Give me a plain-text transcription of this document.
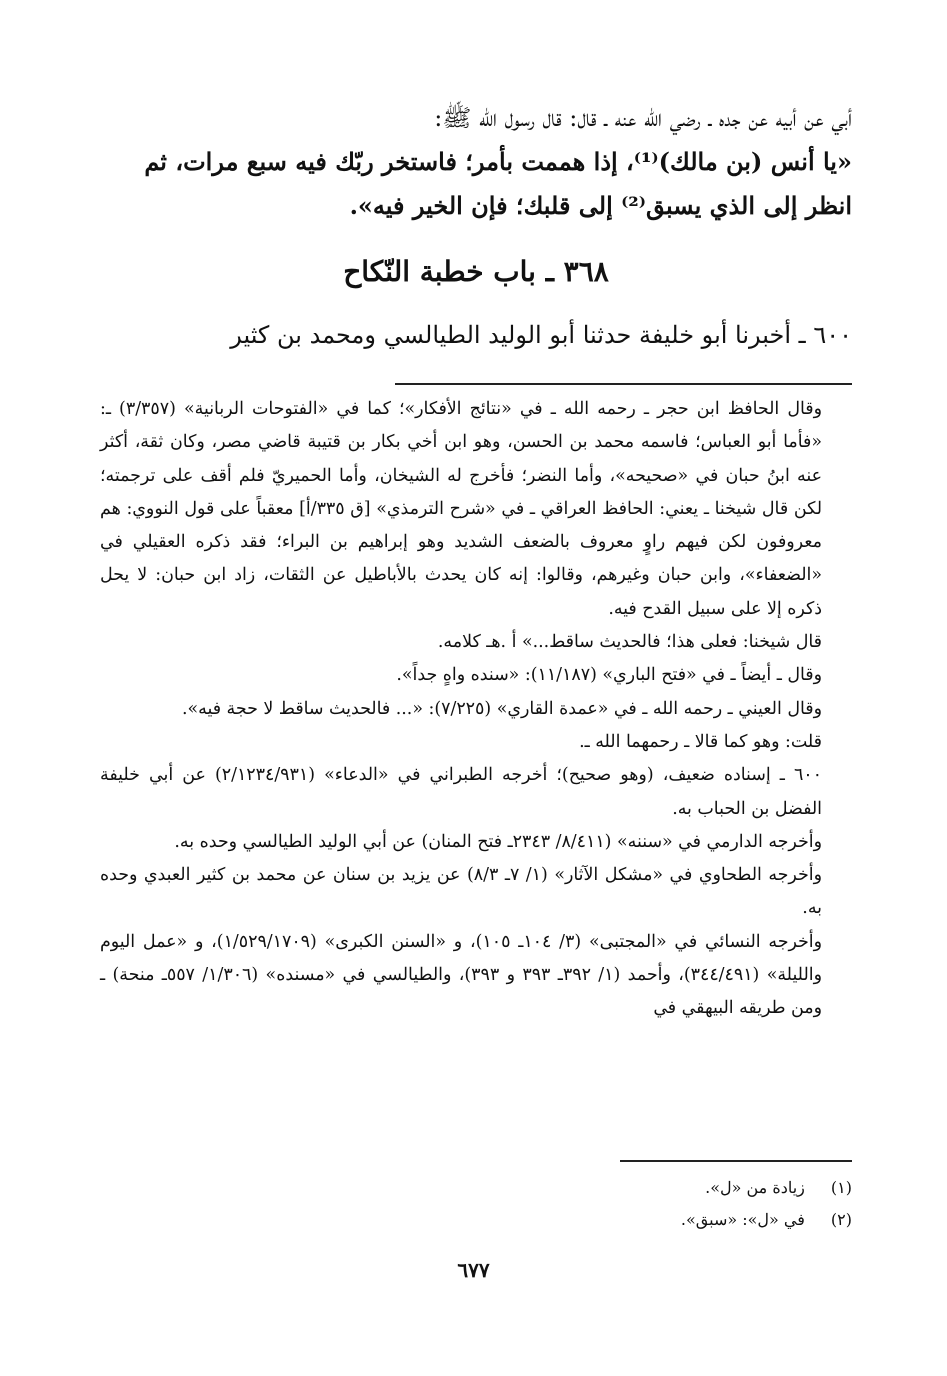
أبي عن أبيه عن جده ـ رضي الله عنه ـ قال: قال رسول الله ﷺ:

«يا أنس (بن مالك)⁽¹⁾، إذا هممت بأمر؛ فاستخر ربّك فيه سبع مرات، ثم

انظر إلى الذي يسبق⁽²⁾ إلى قلبك؛ فإن الخير فيه».

٣٦٨ ـ باب خطبة النّكاح
٦٠٠ ـ أخبرنا أبو خليفة حدثنا أبو الوليد الطيالسي ومحمد بن كثير

وقال الحافظ ابن حجر ـ رحمه الله ـ في «نتائج الأفكار»؛ كما في «الفتوحات الربانية» (٣/٣٥٧) ـ: «فأما أبو العباس؛ فاسمه محمد بن الحسن، وهو ابن أخي بكار بن قتيبة قاضي مصر، وكان ثقة، أكثر عنه ابنُ حبان في «صحيحه»، وأما النضر؛ فأخرج له الشيخان، وأما الحميريّ فلم أقف على ترجمته؛ لكن قال شيخنا ـ يعني: الحافظ العراقي ـ في «شرح الترمذي» [ق ٣٣٥/أ] معقباً على قول النووي: هم معروفون لكن فيهم راوٍ معروف بالضعف الشديد وهو إبراهيم بن البراء؛ فقد ذكره العقيلي في «الضعفاء»، وابن حبان وغيرهم، وقالوا: إنه كان يحدث بالأباطيل عن الثقات، زاد ابن حبان: لا يحل ذكره إلا على سبيل القدح فيه.

قال شيخنا: فعلى هذا؛ فالحديث ساقط...» أ .هـ كلامه.

وقال ـ أيضاً ـ في «فتح الباري» (١١/١٨٧): «سنده واهٍ جداً».

وقال العيني ـ رحمه الله ـ في «عمدة القاري» (٧/٢٢٥): «... فالحديث ساقط لا حجة فيه».

قلت: وهو كما قالا ـ رحمهما الله ـ.

٦٠٠ ـ إسناده ضعيف، (وهو صحيح)؛ أخرجه الطبراني في «الدعاء» (٢/١٢٣٤/٩٣١) عن أبي خليفة الفضل بن الحباب به.

وأخرجه الدارمي في «سننه» (٨/٤١١/ ٢٣٤٣ـ فتح المنان) عن أبي الوليد الطيالسي وحده به.

وأخرجه الطحاوي في «مشكل الآثار» (١/ ٧ـ ٨/٣) عن يزيد بن سنان عن محمد بن كثير العبدي وحده به.

وأخرجه النسائي في «المجتبى» (٣/ ١٠٤ـ ١٠٥)، و «السنن الكبرى» (١/٥٢٩/١٧٠٩)، و «عمل اليوم والليلة» (٣٤٤/٤٩١)، وأحمد (١/ ٣٩٢ـ ٣٩٣ و ٣٩٣)، والطيالسي في «مسنده» (١/٣٠٦/ ٥٥٧ـ منحة) ـ ومن طريقه البيهقي في

(١) زيادة من «ل».
(٢) في «ل»: «سبق».
٦٧٧
